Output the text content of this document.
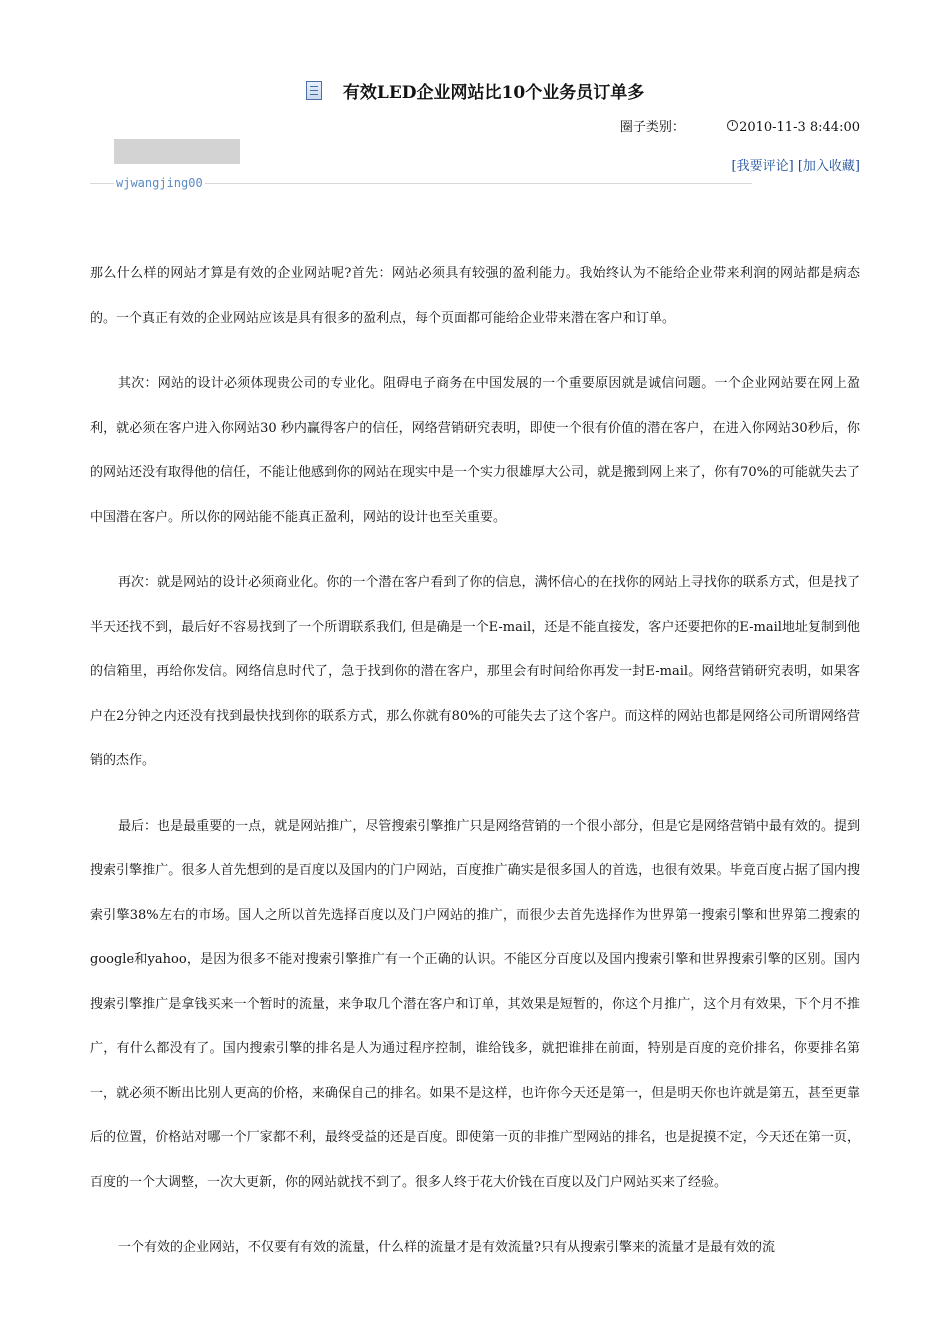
有效LED企业网站比10个业务员订单多
圈子类别：	2010-11-3 8:44:00
[我要评论] [加入收藏]
wjwangjing00

那么什么样的网站才算是有效的企业网站呢?首先：网站必须具有较强的盈利能力。我始终认为不能给企业带来利润的网站都是病态的。一个真正有效的企业网站应该是具有很多的盈利点，每个页面都可能给企业带来潜在客户和订单。

其次：网站的设计必须体现贵公司的专业化。阻碍电子商务在中国发展的一个重要原因就是诚信问题。一个企业网站要在网上盈利，就必须在客户进入你网站30 秒内赢得客户的信任，网络营销研究表明，即使一个很有价值的潜在客户，在进入你网站30秒后，你的网站还没有取得他的信任，不能让他感到你的网站在现实中是一个实力很雄厚大公司，就是搬到网上来了，你有70%的可能就失去了中国潜在客户。所以你的网站能不能真正盈利，网站的设计也至关重要。

再次：就是网站的设计必须商业化。你的一个潜在客户看到了你的信息，满怀信心的在找你的网站上寻找你的联系方式，但是找了半天还找不到，最后好不容易找到了一个所谓联系我们, 但是确是一个E-mail，还是不能直接发，客户还要把你的E-mail地址复制到他的信箱里，再给你发信。网络信息时代了，急于找到你的潜在客户，那里会有时间给你再发一封E-mail。网络营销研究表明，如果客户在2分钟之内还没有找到最快找到你的联系方式，那么你就有80%的可能失去了这个客户。而这样的网站也都是网络公司所谓网络营销的杰作。

最后：也是最重要的一点，就是网站推广，尽管搜索引擎推广只是网络营销的一个很小部分，但是它是网络营销中最有效的。提到搜索引擎推广。很多人首先想到的是百度以及国内的门户网站，百度推广确实是很多国人的首选，也很有效果。毕竟百度占据了国内搜索引擎38%左右的市场。国人之所以首先选择百度以及门户网站的推广，而很少去首先选择作为世界第一搜索引擎和世界第二搜索的google和yahoo，是因为很多不能对搜索引擎推广有一个正确的认识。不能区分百度以及国内搜索引擎和世界搜索引擎的区别。国内搜索引擎推广是拿钱买来一个暂时的流量，来争取几个潜在客户和订单，其效果是短暂的，你这个月推广，这个月有效果，下个月不推广，有什么都没有了。国内搜索引擎的排名是人为通过程序控制，谁给钱多，就把谁排在前面，特别是百度的竞价排名，你要排名第一，就必须不断出比别人更高的价格，来确保自己的排名。如果不是这样，也许你今天还是第一，但是明天你也许就是第五，甚至更靠后的位置，价格站对哪一个厂家都不利，最终受益的还是百度。即使第一页的非推广型网站的排名，也是捉摸不定，今天还在第一页，百度的一个大调整，一次大更新，你的网站就找不到了。很多人终于花大价钱在百度以及门户网站买来了经验。

一个有效的企业网站，不仅要有有效的流量，什么样的流量才是有效流量?只有从搜索引擎来的流量才是最有效的流
